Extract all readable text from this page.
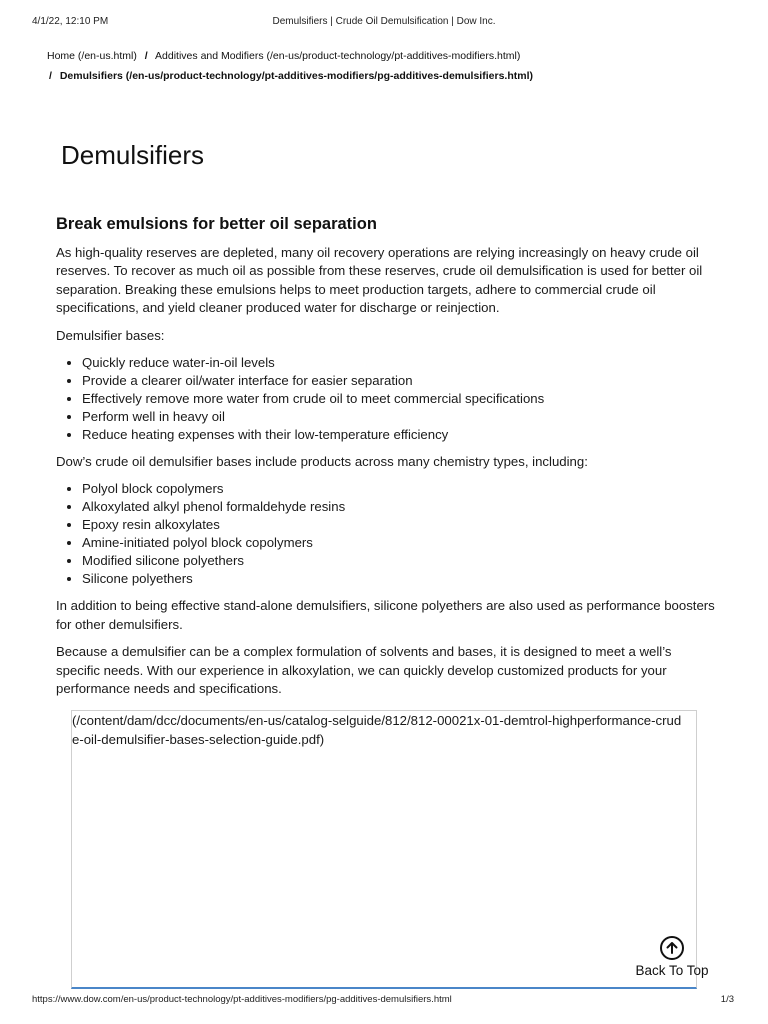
4/1/22, 12:10 PM	Demulsifiers | Crude Oil Demulsification | Dow Inc.
Home (/en-us.html) / Additives and Modifiers (/en-us/product-technology/pt-additives-modifiers.html)
/ Demulsifiers (/en-us/product-technology/pt-additives-modifiers/pg-additives-demulsifiers.html)
Demulsifiers
Break emulsions for better oil separation

As high-quality reserves are depleted, many oil recovery operations are relying increasingly on heavy crude oil reserves. To recover as much oil as possible from these reserves, crude oil demulsification is used for better oil separation. Breaking these emulsions helps to meet production targets, adhere to commercial crude oil specifications, and yield cleaner produced water for discharge or reinjection.

Demulsifier bases:

• Quickly reduce water-in-oil levels
• Provide a clearer oil/water interface for easier separation
• Effectively remove more water from crude oil to meet commercial specifications
• Perform well in heavy oil
• Reduce heating expenses with their low-temperature efficiency

Dow’s crude oil demulsifier bases include products across many chemistry types, including:

• Polyol block copolymers
• Alkoxylated alkyl phenol formaldehyde resins
• Epoxy resin alkoxylates
• Amine-initiated polyol block copolymers
• Modified silicone polyethers
• Silicone polyethers

In addition to being effective stand-alone demulsifiers, silicone polyethers are also used as performance boosters for other demulsifiers.

Because a demulsifier can be a complex formulation of solvents and bases, it is designed to meet a well’s specific needs. With our experience in alkoxylation, we can quickly develop customized products for your performance needs and specifications.

(/content/dam/dcc/documents/en-us/catalog-selguide/812/812-00021x-01-demtrol-highperformance-crude-oil-demulsifier-bases-selection-guide.pdf)
Back To Top
https://www.dow.com/en-us/product-technology/pt-additives-modifiers/pg-additives-demulsifiers.html	1/3
